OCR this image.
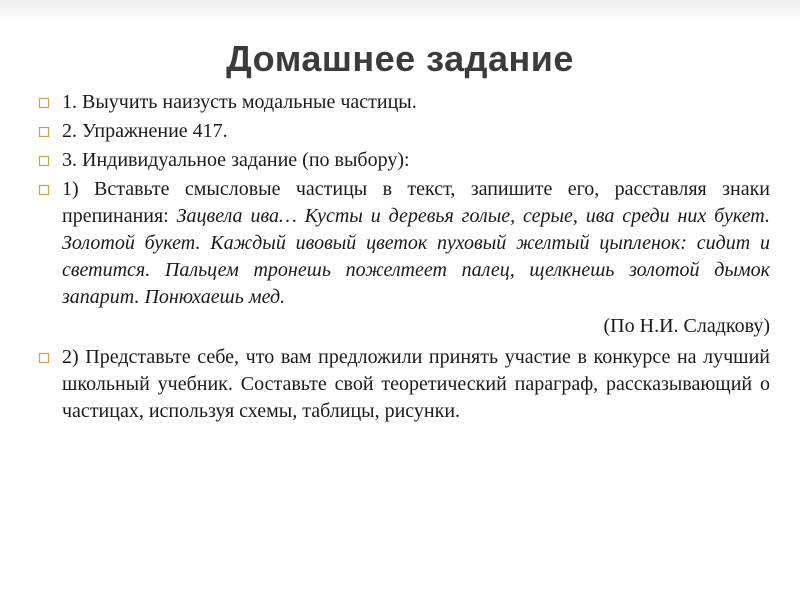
Домашнее задание
1. Выучить наизусть модальные частицы.
2. Упражнение 417.
3. Индивидуальное задание (по выбору):
1) Вставьте смысловые частицы в текст, запишите его, расставляя знаки препинания: Зацвела ива… Кусты и деревья голые, серые, ива среди них букет. Золотой букет. Каждый ивовый цветок пуховый желтый цыпленок: сидит и светится. Пальцем тронешь пожелтеет палец, щелкнешь золотой дымок запарит. Понюхаешь мед.
(По Н.И. Сладкову)
2) Представьте себе, что вам предложили принять участие в конкурсе на лучший школьный учебник. Составьте свой теоретический параграф, рассказывающий о частицах, используя схемы, таблицы, рисунки.
